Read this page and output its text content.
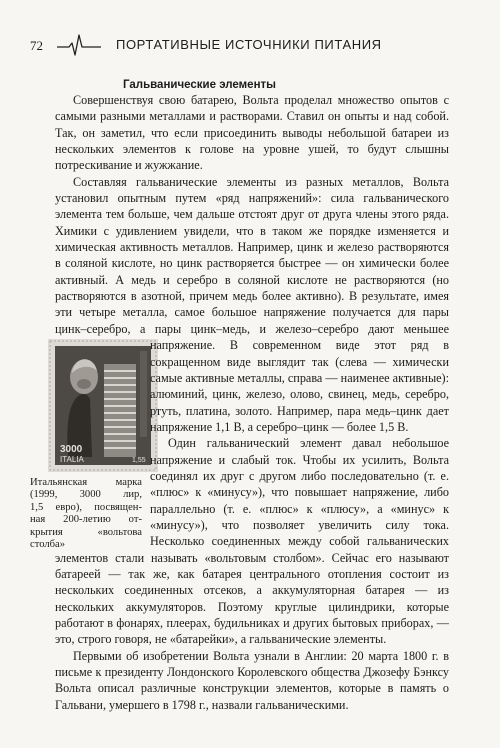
72	ПОРТАТИВНЫЕ ИСТОЧНИКИ ПИТАНИЯ
Гальванические элементы

Совершенствуя свою батарею, Вольта проделал множество опытов с самыми разными металлами и растворами. Ставил он опыты и над собой. Так, он заметил, что если присоединить выводы небольшой батареи из нескольких элементов к голове на уровне ушей, то будут слышны потрескивание и жужжание.

Составляя гальванические элементы из разных металлов, Вольта установил опытным путем «ряд напряжений»: сила гальванического элемента тем больше, чем дальше отстоят друг от друга члены этого ряда. Химики с удивлением увидели, что в таком же порядке изменяется и химическая активность металлов. Например, цинк и железо растворяются в соляной кислоте, но цинк растворяется быстрее — он химически более активный. А медь и серебро в соляной кислоте не растворяются (но растворяются в азотной, причем медь более активно). В результате, имея эти четыре металла, самое большое напряжение получается для пары цинк–серебро, а пары цинк–медь, и железо–серебро дают мень
3000
ITALIA	1,55
Итальянская марка
(1999, 3000 лир,
1,5 евро), посвящен-
ная 200-летию от-
крытия «вольтова
столба»
шее напряжение. В современном виде этот ряд в сокращенном виде выглядит так (слева — химически самые активные металлы, справа — наименее активные): алюминий, цинк, железо, олово, свинец, медь, серебро, ртуть, платина, золото. Например, пара медь–цинк дает напряжение 1,1 В, а серебро–цинк — более 1,5 В.

Один гальванический элемент давал небольшое напряжение и слабый ток. Чтобы их усилить, Вольта соединял их друг с другом либо последовательно (т. е. «плюс» к «минусу»), что повышает напряжение, либо параллельно (т. е. «плюс» к «плюсу», а «минус» к «минусу»), что позволяет увеличить силу тока. Несколько соединенных между собой гальванических элементов стали называть «вольтовым столбом». Сейчас его называют батареей — так же, как батарея центрального отопления состоит из нескольких соединенных отсеков, а аккумуляторная батарея — из нескольких аккумуляторов. Поэтому круглые цилиндрики, которые работают в фонарях, плеерах, будильниках и других бытовых приборах, — это, строго говоря, не «батарейки», а гальванические элементы.

Первыми об изобретении Вольта узнали в Англии: 20 марта 1800 г. в письме к президенту Лондонского Королевского общества Джозефу Бэнксу Вольта описал различные конструкции элементов, которые в память о Гальвани, умершего в 1798 г., назвали гальваническими.
